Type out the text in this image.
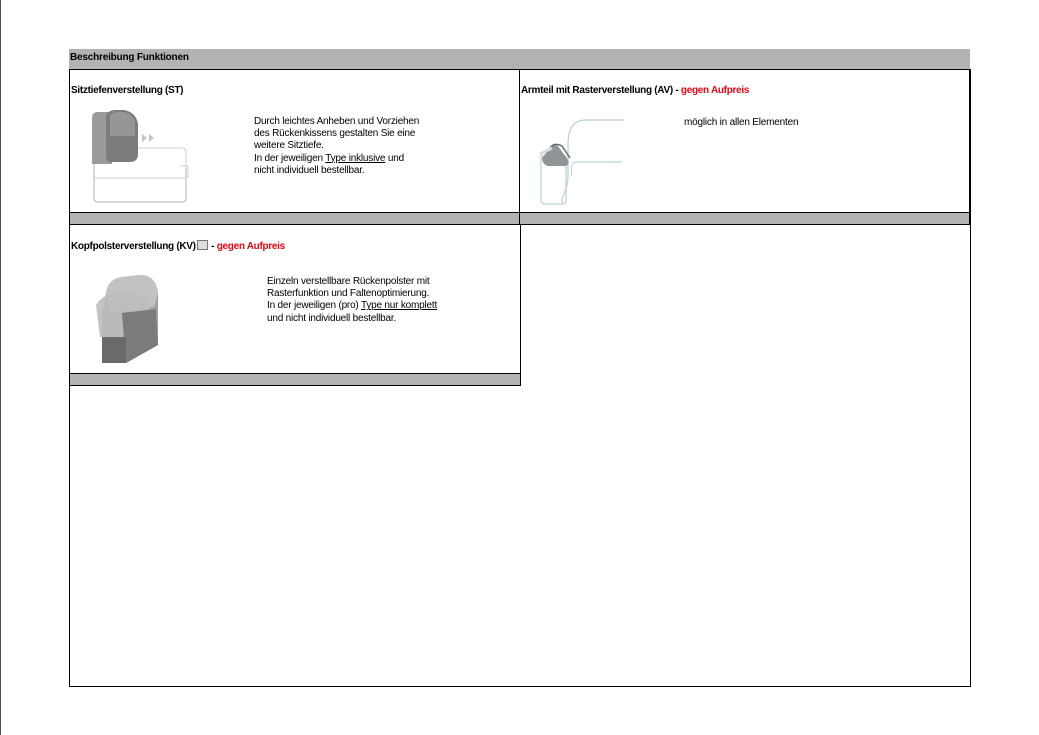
Beschreibung Funktionen
Sitztiefenverstellung (ST)
Durch leichtes Anheben und Vorziehen
des Rückenkissens gestalten Sie eine
weitere Sitztiefe.
In der jeweiligen Type inklusive und
nicht individuell bestellbar.
Armteil mit Rasterverstellung (AV) - gegen Aufpreis
möglich in allen Elementen
Kopfpolsterverstellung (KV) - gegen Aufpreis
Einzeln verstellbare Rückenpolster mit
Rasterfunktion und Faltenoptimierung.
In der jeweiligen (pro) Type nur komplett
und nicht individuell bestellbar.
